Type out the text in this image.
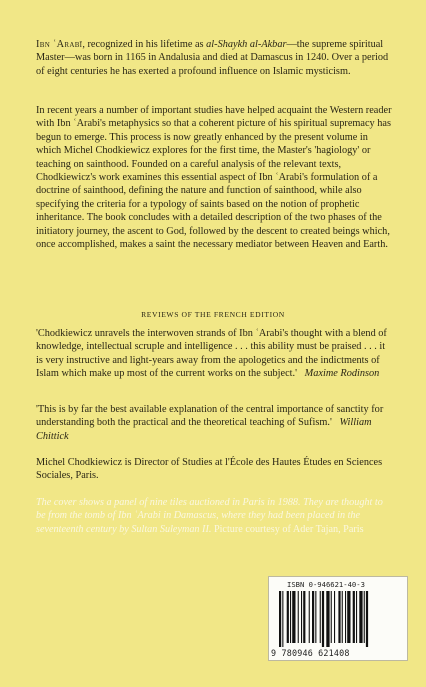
Ibn ʿArabī, recognized in his lifetime as al-Shaykh al-Akbar—the supreme spiritual Master—was born in 1165 in Andalusia and died at Damascus in 1240. Over a period of eight centuries he has exerted a profound influence on Islamic mysticism.

In recent years a number of important studies have helped acquaint the Western reader with Ibn ʿArabi's metaphysics so that a coherent picture of his spiritual supremacy has begun to emerge. This process is now greatly enhanced by the present volume in which Michel Chodkiewicz explores for the first time, the Master's 'hagiology' or teaching on sainthood. Founded on a careful analysis of the relevant texts, Chodkiewicz's work examines this essential aspect of Ibn ʿArabi's formulation of a doctrine of sainthood, defining the nature and function of sainthood, while also specifying the criteria for a typology of saints based on the notion of prophetic inheritance. The book concludes with a detailed description of the two phases of the initiatory journey, the ascent to God, followed by the descent to created beings which, once accomplished, makes a saint the necessary mediator between Heaven and Earth.

REVIEWS OF THE FRENCH EDITION

'Chodkiewicz unravels the interwoven strands of Ibn ʿArabi's thought with a blend of knowledge, intellectual scruple and intelligence . . . this ability must be praised . . . it is very instructive and light-years away from the apologetics and the indictments of Islam which make up most of the current works on the subject.' Maxime Rodinson

'This is by far the best available explanation of the central importance of sanctity for understanding both the practical and the theoretical teaching of Sufism.' William Chittick

Michel Chodkiewicz is Director of Studies at l'École des Hautes Études en Sciences Sociales, Paris.

The cover shows a panel of nine tiles auctioned in Paris in 1988. They are thought to be from the tomb of Ibn ʿArabi in Damascus, where they had been placed in the seventeenth century by Sultan Suleyman II. Picture courtesy of Ader Tajan, Paris

ISBN 0-946621-40-3
9 780946 621408
